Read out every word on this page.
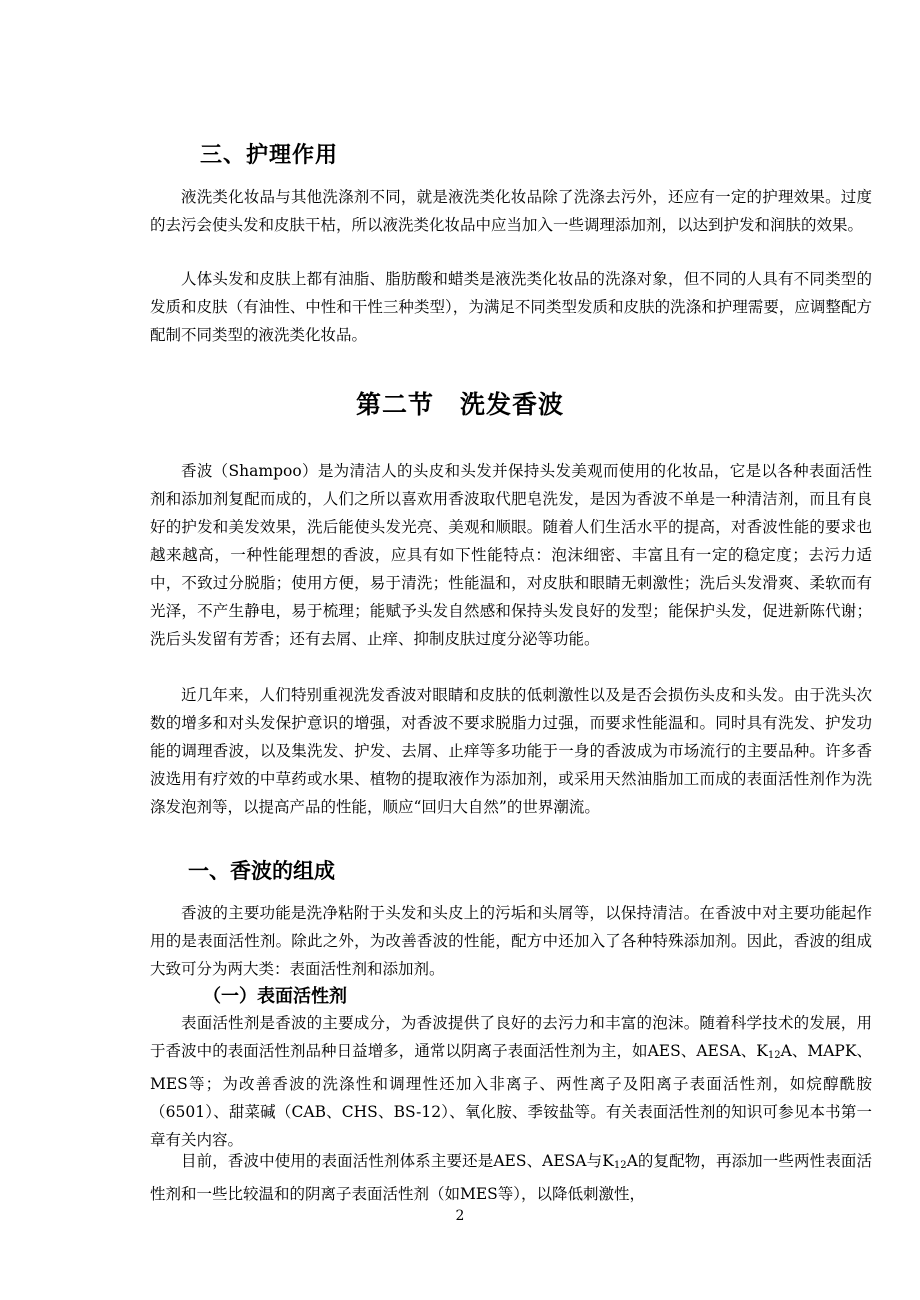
三、护理作用

液洗类化妆品与其他洗涤剂不同，就是液洗类化妆品除了洗涤去污外，还应有一定的护理效果。过度的去污会使头发和皮肤干枯，所以液洗类化妆品中应当加入一些调理添加剂，以达到护发和润肤的效果。

人体头发和皮肤上都有油脂、脂肪酸和蜡类是液洗类化妆品的洗涤对象，但不同的人具有不同类型的发质和皮肤（有油性、中性和干性三种类型），为满足不同类型发质和皮肤的洗涤和护理需要，应调整配方配制不同类型的液洗类化妆品。

第二节　洗发香波

香波（Shampoo）是为清洁人的头皮和头发并保持头发美观而使用的化妆品，它是以各种表面活性剂和添加剂复配而成的，人们之所以喜欢用香波取代肥皂洗发，是因为香波不单是一种清洁剂，而且有良好的护发和美发效果，洗后能使头发光亮、美观和顺眼。随着人们生活水平的提高，对香波性能的要求也越来越高，一种性能理想的香波，应具有如下性能特点：泡沫细密、丰富且有一定的稳定度；去污力适中，不致过分脱脂；使用方便，易于清洗；性能温和，对皮肤和眼睛无刺激性；洗后头发滑爽、柔软而有光泽，不产生静电，易于梳理；能赋予头发自然感和保持头发良好的发型；能保护头发，促进新陈代谢；洗后头发留有芳香；还有去屑、止痒、抑制皮肤过度分泌等功能。

近几年来，人们特别重视洗发香波对眼睛和皮肤的低刺激性以及是否会损伤头皮和头发。由于洗头次数的增多和对头发保护意识的增强，对香波不要求脱脂力过强，而要求性能温和。同时具有洗发、护发功能的调理香波，以及集洗发、护发、去屑、止痒等多功能于一身的香波成为市场流行的主要品种。许多香波选用有疗效的中草药或水果、植物的提取液作为添加剂，或采用天然油脂加工而成的表面活性剂作为洗涤发泡剂等，以提高产品的性能，顺应“回归大自然”的世界潮流。

一、香波的组成

香波的主要功能是洗净粘附于头发和头皮上的污垢和头屑等，以保持清洁。在香波中对主要功能起作用的是表面活性剂。除此之外，为改善香波的性能，配方中还加入了各种特殊添加剂。因此，香波的组成大致可分为两大类：表面活性剂和添加剂。

（一）表面活性剂

表面活性剂是香波的主要成分，为香波提供了良好的去污力和丰富的泡沫。随着科学技术的发展，用于香波中的表面活性剂品种日益增多，通常以阴离子表面活性剂为主，如AES、AESA、$K_{12}A$、MAPK、MES等；为改善香波的洗涤性和调理性还加入非离子、两性离子及阳离子表面活性剂，如烷醇酰胺（6501）、甜菜碱（CAB、CHS、BS-12）、氧化胺、季铵盐等。有关表面活性剂的知识可参见本书第一章有关内容。

目前，香波中使用的表面活性剂体系主要还是AES、AESA与$K_{12}A$的复配物，再添加一些两性表面活性剂和一些比较温和的阴离子表面活性剂（如MES等），以降低刺激性，

2
